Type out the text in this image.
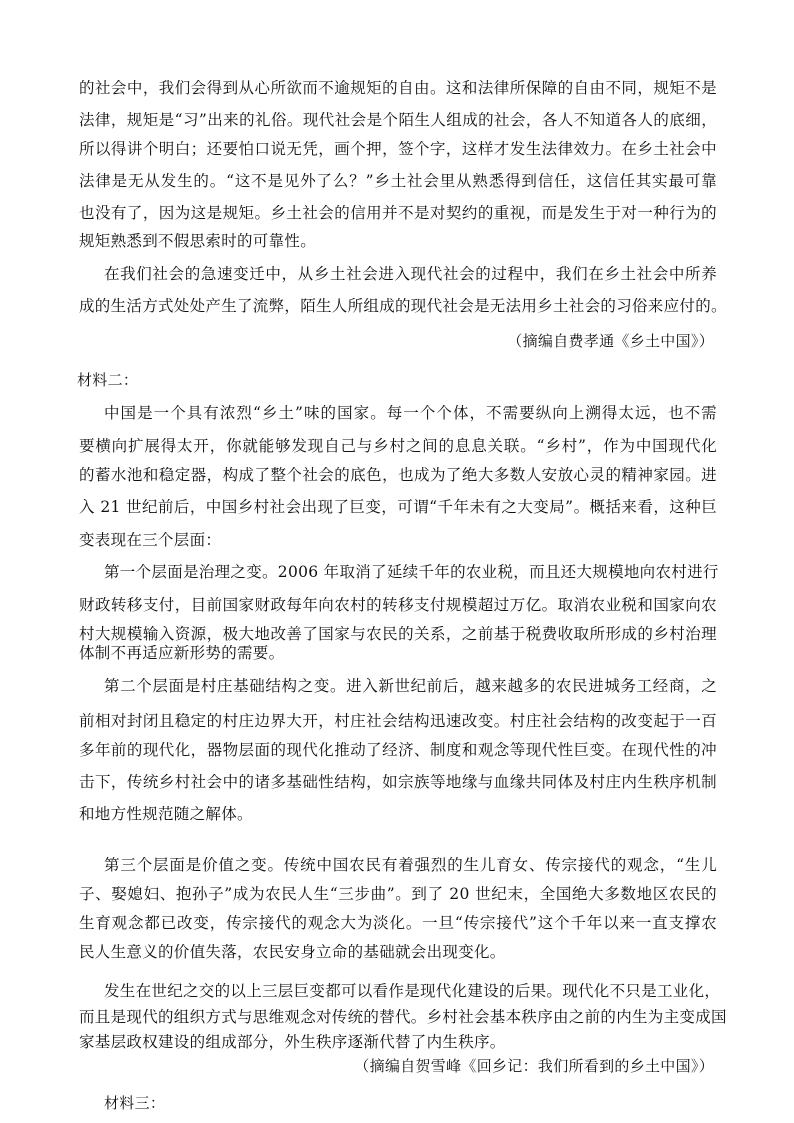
的社会中，我们会得到从心所欲而不逾规矩的自由。这和法律所保障的自由不同，规矩不是
法律，规矩是“习”出来的礼俗。现代社会是个陌生人组成的社会，各人不知道各人的底细，
所以得讲个明白；还要怕口说无凭，画个押，签个字，这样才发生法律效力。在乡土社会中
法律是无从发生的。“这不是见外了么？”乡土社会里从熟悉得到信任，这信任其实最可靠
也没有了，因为这是规矩。乡土社会的信用并不是对契约的重视，而是发生于对一种行为的
规矩熟悉到不假思索时的可靠性。
在我们社会的急速变迁中，从乡土社会进入现代社会的过程中，我们在乡土社会中所养
成的生活方式处处产生了流弊，陌生人所组成的现代社会是无法用乡土社会的习俗来应付的。
（摘编自费孝通《乡土中国》）
材料二：
中国是一个具有浓烈“乡土”味的国家。每一个个体，不需要纵向上溯得太远，也不需
要横向扩展得太开，你就能够发现自己与乡村之间的息息关联。“乡村”，作为中国现代化
的蓄水池和稳定器，构成了整个社会的底色，也成为了绝大多数人安放心灵的精神家园。进
入 21 世纪前后，中国乡村社会出现了巨变，可谓“千年未有之大变局”。概括来看，这种巨
变表现在三个层面：
第一个层面是治理之变。2006 年取消了延续千年的农业税，而且还大规模地向农村进行
财政转移支付，目前国家财政每年向农村的转移支付规模超过万亿。取消农业税和国家向农
村大规模输入资源，极大地改善了国家与农民的关系，之前基于税费收取所形成的乡村治理
体制不再适应新形势的需要。
第二个层面是村庄基础结构之变。进入新世纪前后，越来越多的农民进城务工经商，之
前相对封闭且稳定的村庄边界大开，村庄社会结构迅速改变。村庄社会结构的改变起于一百
多年前的现代化，器物层面的现代化推动了经济、制度和观念等现代性巨变。在现代性的冲
击下，传统乡村社会中的诸多基础性结构，如宗族等地缘与血缘共同体及村庄内生秩序机制
和地方性规范随之解体。
第三个层面是价值之变。传统中国农民有着强烈的生儿育女、传宗接代的观念，“生儿
子、娶媳妇、抱孙子”成为农民人生“三步曲”。到了 20 世纪末，全国绝大多数地区农民的
生育观念都已改变，传宗接代的观念大为淡化。一旦“传宗接代”这个千年以来一直支撑农
民人生意义的价值失落，农民安身立命的基础就会出现变化。
发生在世纪之交的以上三层巨变都可以看作是现代化建设的后果。现代化不只是工业化，
而且是现代的组织方式与思维观念对传统的替代。乡村社会基本秩序由之前的内生为主变成国
家基层政权建设的组成部分，外生秩序逐渐代替了内生秩序。
（摘编自贺雪峰《回乡记：我们所看到的乡土中国》）
材料三：
